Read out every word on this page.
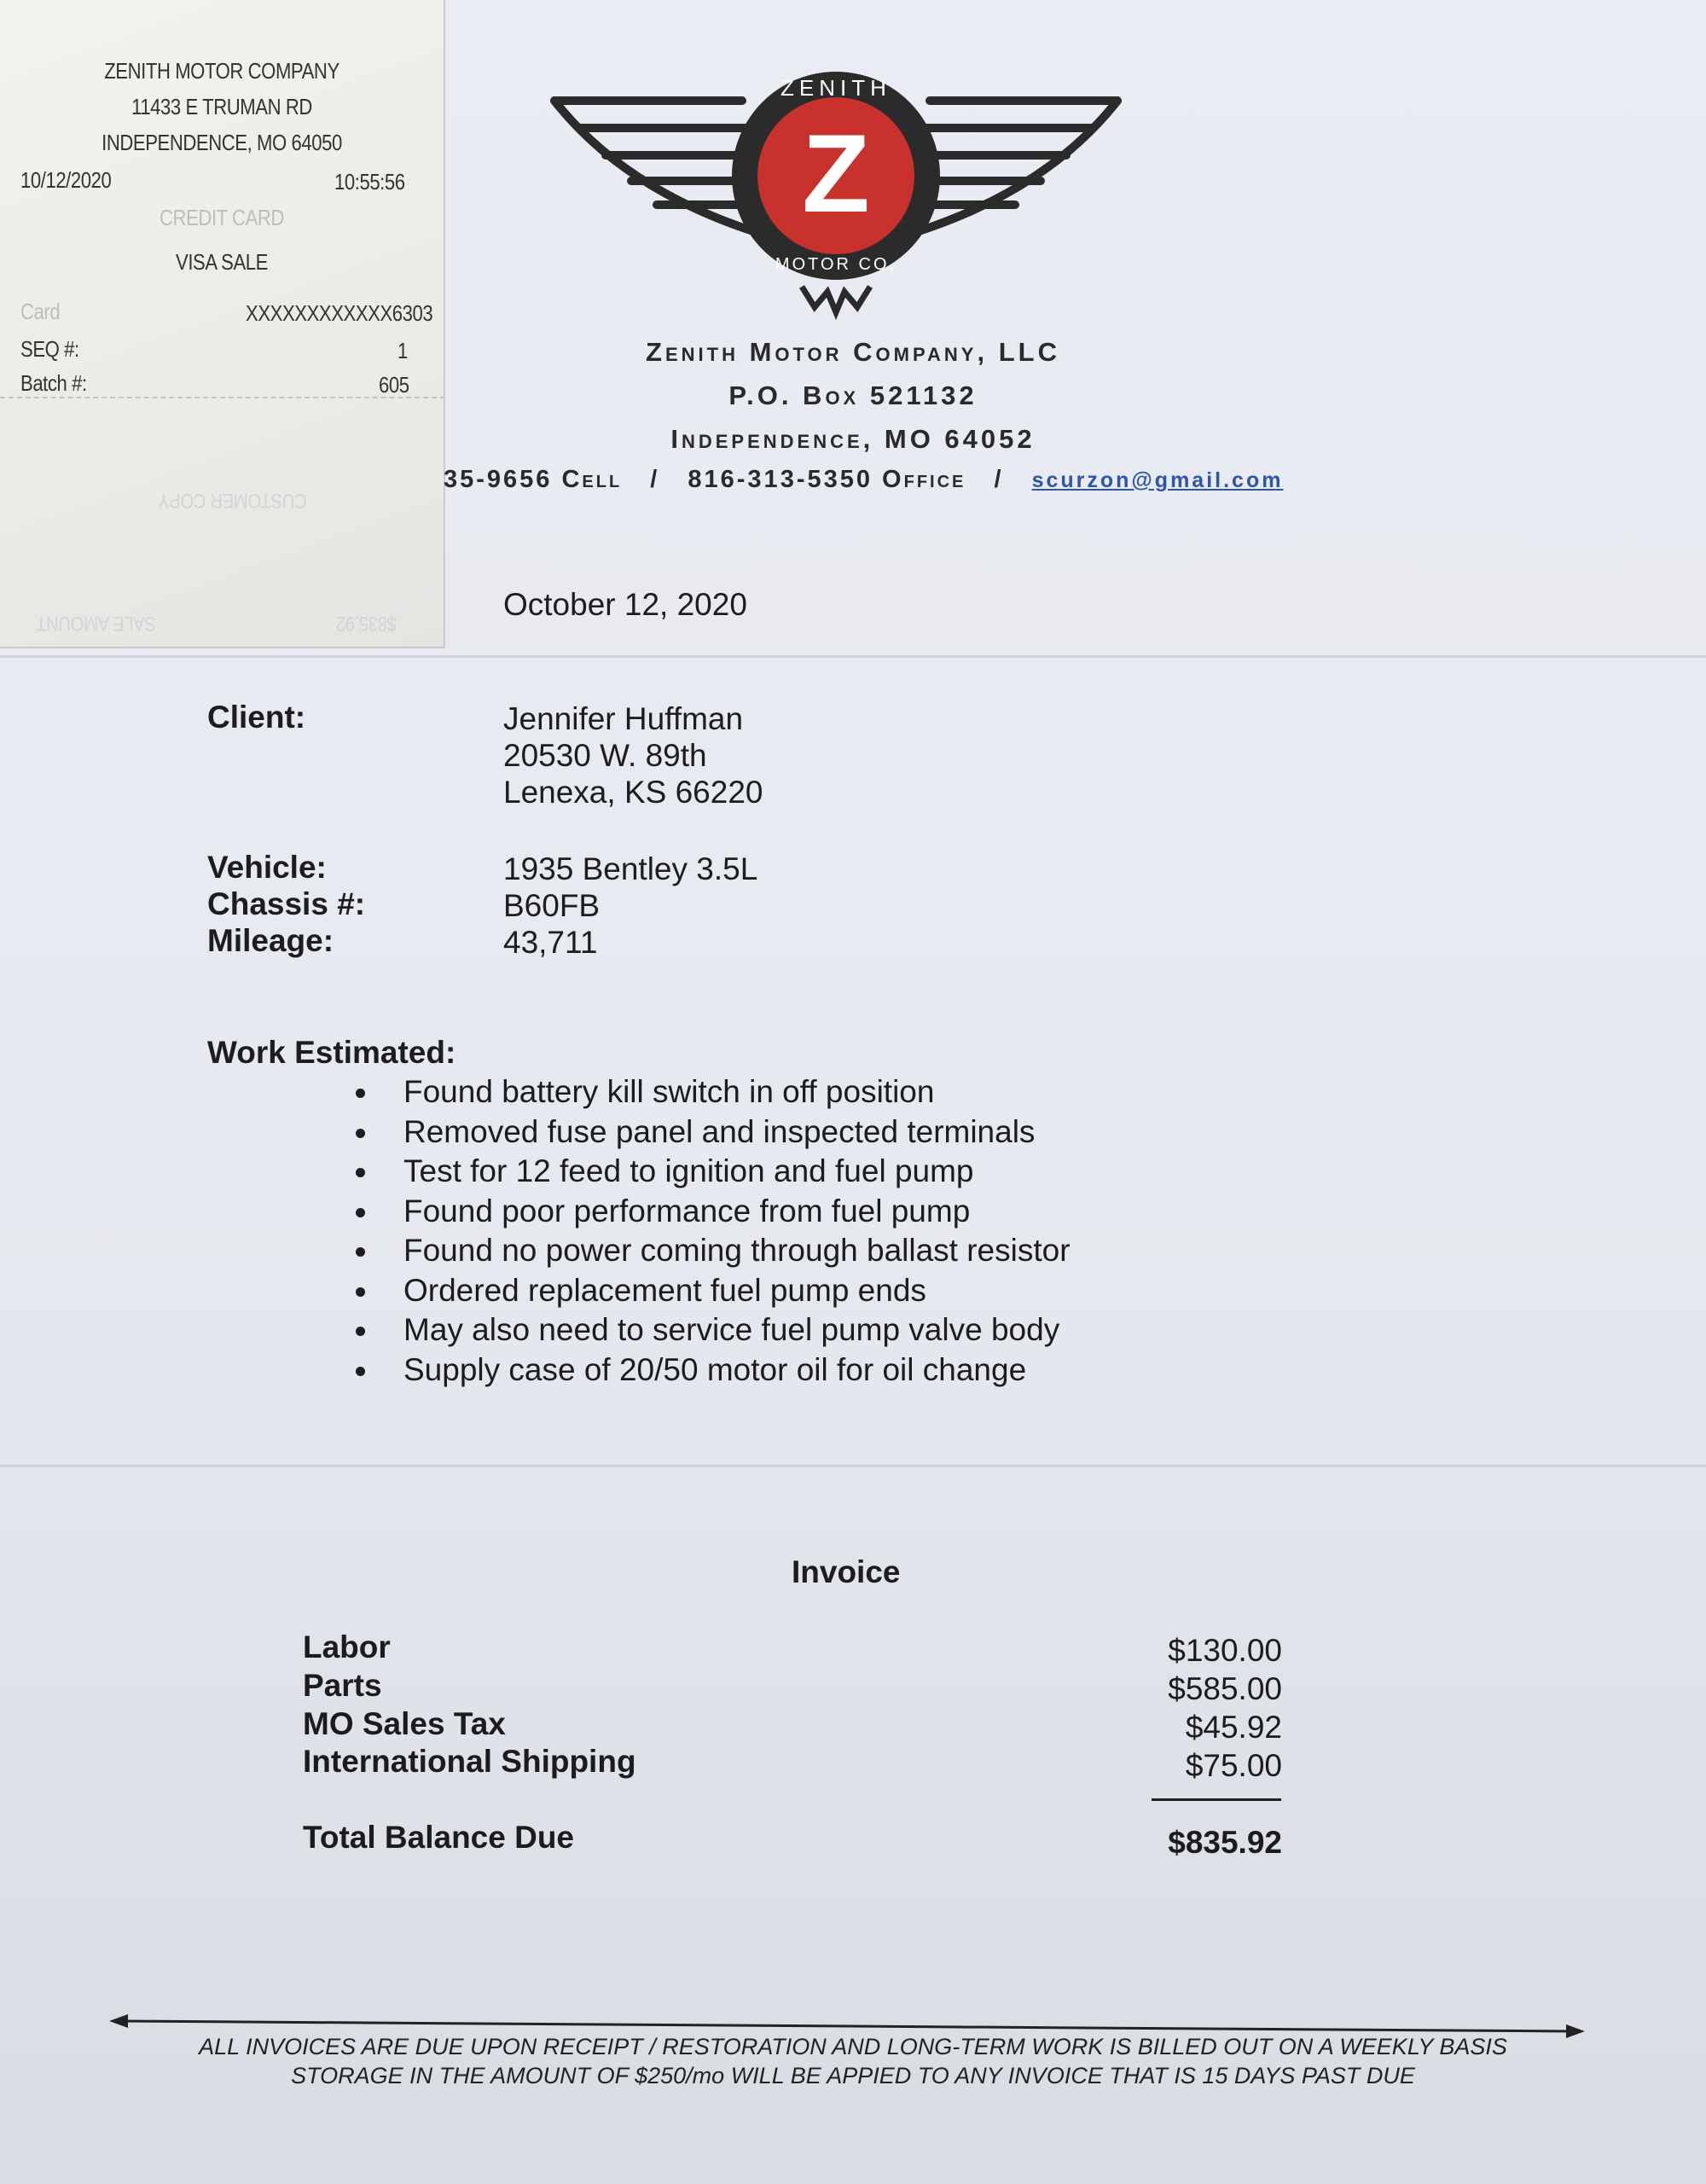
ZENITH MOTOR COMPANY
11433 E TRUMAN RD
INDEPENDENCE, MO 64050
10/12/2020	10:55:56
CREDIT CARD
VISA SALE
Card	XXXXXXXXXXXX6303
SEQ #:	1
Batch #:	605
CUSTOMER COPY
SALE AMOUNT	$835.92
Z
ZENITH
MOTOR CO.
Zenith Motor Company, LLC
P.O. Box 521132
Independence, MO 64052
35-9656 Cell / 816-313-5350 Office / scurzon@gmail.com
October 12, 2020
Client:	Jennifer Huffman
20530 W. 89th
Lenexa, KS 66220
Vehicle:	1935 Bentley 3.5L
Chassis #:	B60FB
Mileage:	43,711
Work Estimated:
Found battery kill switch in off position
Removed fuse panel and inspected terminals
Test for 12 feed to ignition and fuel pump
Found poor performance from fuel pump
Found no power coming through ballast resistor
Ordered replacement fuel pump ends
May also need to service fuel pump valve body
Supply case of 20/50 motor oil for oil change
Invoice
Labor	$130.00
Parts	$585.00
MO Sales Tax	$45.92
International Shipping	$75.00
Total Balance Due	$835.92
ALL INVOICES ARE DUE UPON RECEIPT / RESTORATION AND LONG-TERM WORK IS BILLED OUT ON A WEEKLY BASIS
STORAGE IN THE AMOUNT OF $250/mo WILL BE APPIED TO ANY INVOICE THAT IS 15 DAYS PAST DUE
